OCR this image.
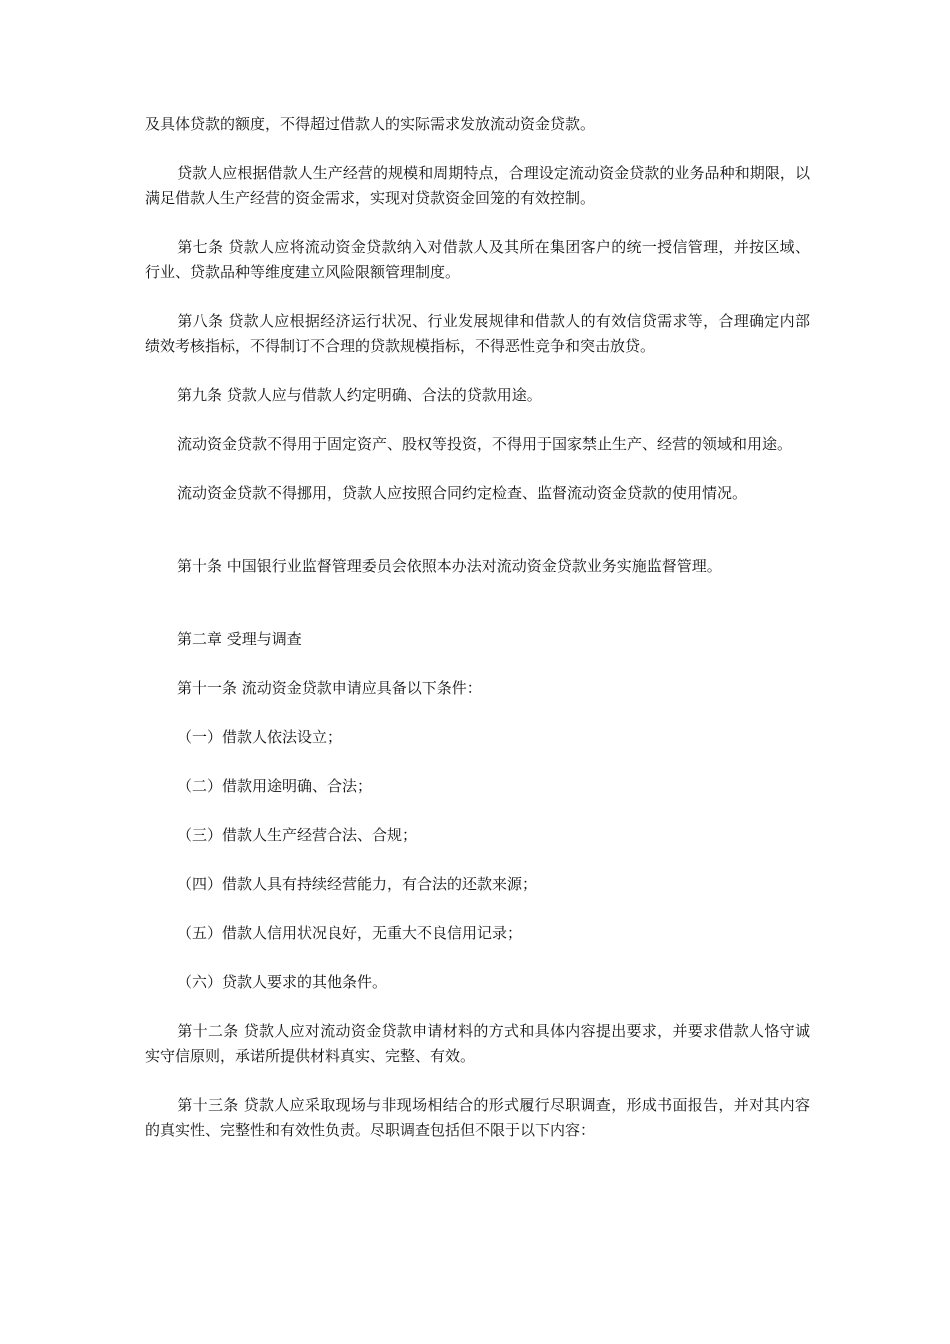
及具体贷款的额度，不得超过借款人的实际需求发放流动资金贷款。

贷款人应根据借款人生产经营的规模和周期特点，合理设定流动资金贷款的业务品种和期限，以满足借款人生产经营的资金需求，实现对贷款资金回笼的有效控制。

第七条 贷款人应将流动资金贷款纳入对借款人及其所在集团客户的统一授信管理，并按区域、行业、贷款品种等维度建立风险限额管理制度。

第八条 贷款人应根据经济运行状况、行业发展规律和借款人的有效信贷需求等，合理确定内部绩效考核指标，不得制订不合理的贷款规模指标，不得恶性竞争和突击放贷。

第九条 贷款人应与借款人约定明确、合法的贷款用途。

流动资金贷款不得用于固定资产、股权等投资，不得用于国家禁止生产、经营的领域和用途。

流动资金贷款不得挪用，贷款人应按照合同约定检查、监督流动资金贷款的使用情况。

第十条 中国银行业监督管理委员会依照本办法对流动资金贷款业务实施监督管理。

第二章 受理与调查

第十一条 流动资金贷款申请应具备以下条件：

（一）借款人依法设立；

（二）借款用途明确、合法；

（三）借款人生产经营合法、合规；

（四）借款人具有持续经营能力，有合法的还款来源；

（五）借款人信用状况良好，无重大不良信用记录；

（六）贷款人要求的其他条件。

第十二条 贷款人应对流动资金贷款申请材料的方式和具体内容提出要求，并要求借款人恪守诚实守信原则，承诺所提供材料真实、完整、有效。

第十三条 贷款人应采取现场与非现场相结合的形式履行尽职调查，形成书面报告，并对其内容的真实性、完整性和有效性负责。尽职调查包括但不限于以下内容：
